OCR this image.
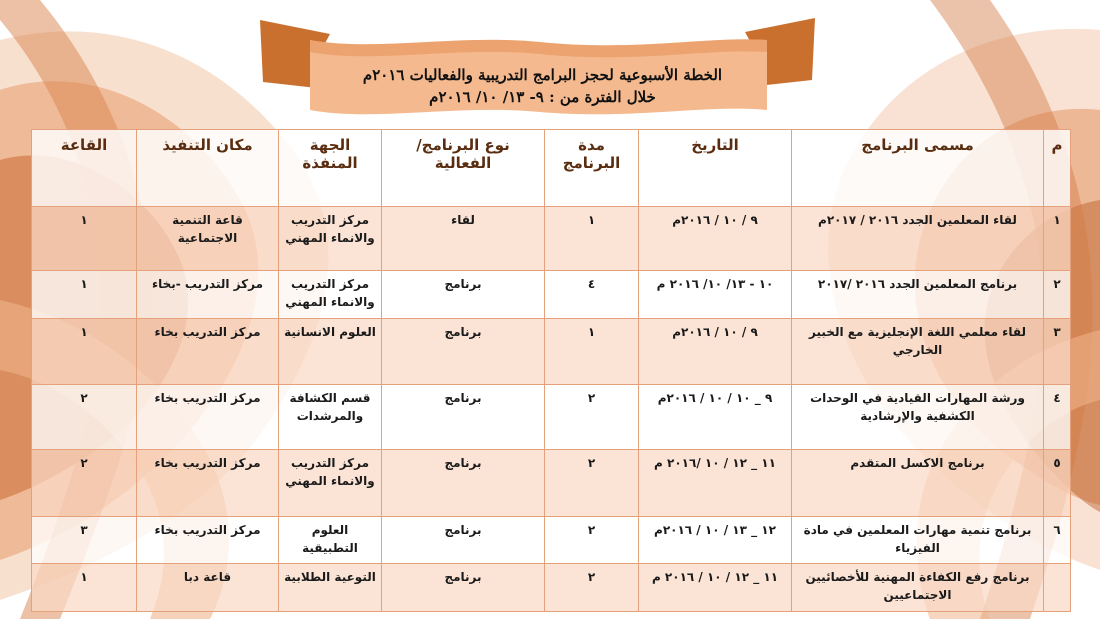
الخطة الأسبوعية لحجز البرامج التدريبية والفعاليات ٢٠١٦م
خلال الفترة من : ٩- ١٣/ ١٠/ ٢٠١٦م
م	مسمى البرنامج	التاريخ	مدة البرنامج	نوع البرنامج/ الفعالية	الجهة المنفذة	مكان التنفيذ	القاعة
١	لقاء المعلمين الجدد ٢٠١٦ / ٢٠١٧م	٩ / ١٠ / ٢٠١٦م	١	لقاء	مركز التدريب والانماء المهني	قاعة التنمية الاجتماعية	١
٢	برنامج المعلمين الجدد ٢٠١٦ /٢٠١٧	١٠ - ١٣/ ١٠/ ٢٠١٦ م	٤	برنامج	مركز التدريب والانماء المهني	مركز التدريب -بخاء	١
٣	لقاء معلمي اللغة الإنجليزية مع الخبير الخارجي	٩ / ١٠ / ٢٠١٦م	١	برنامج	العلوم الانسانية	مركز التدريب بخاء	١
٤	ورشة المهارات القيادية في الوحدات الكشفية والإرشادية	٩ _ ١٠ / ١٠ / ٢٠١٦م	٢	برنامج	قسم الكشافة والمرشدات	مركز التدريب بخاء	٢
٥	برنامج الاكسل المتقدم	١١ _ ١٢ / ١٠ /٢٠١٦ م	٢	برنامج	مركز التدريب والانماء المهني	مركز التدريب بخاء	٢
٦	برنامج تنمية مهارات المعلمين في مادة الفيزياء	١٢ _ ١٣ / ١٠ / ٢٠١٦م	٢	برنامج	العلوم التطبيقية	مركز التدريب بخاء	٣
	برنامج رفع الكفاءة المهنية للأخصائيين الاجتماعيين	١١ _ ١٢ / ١٠ / ٢٠١٦ م	٢	برنامج	التوعية الطلابية	قاعة دبا	١
